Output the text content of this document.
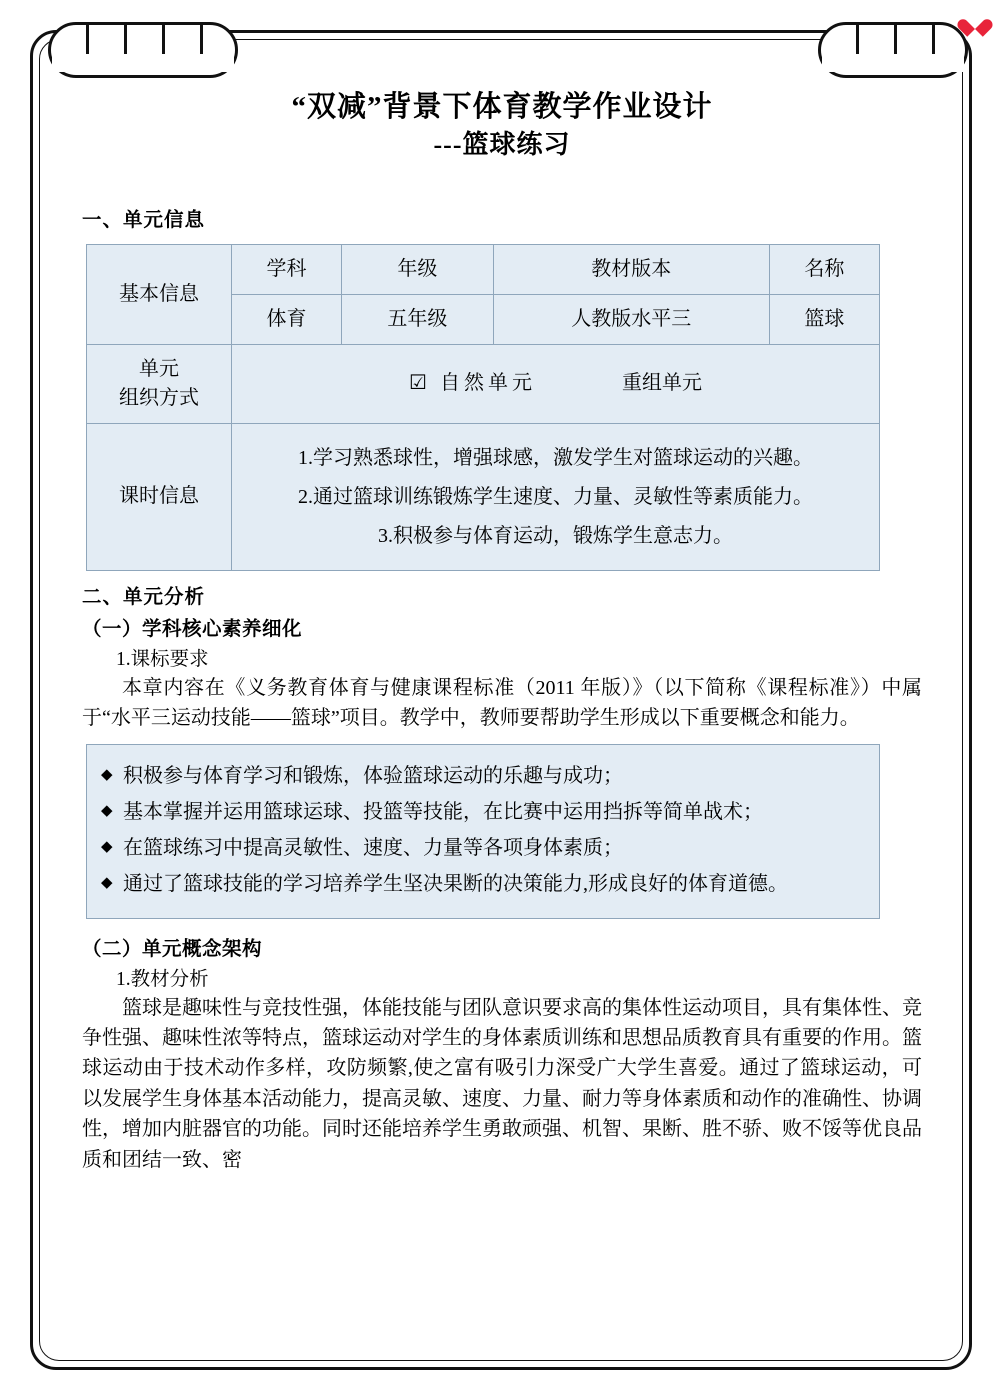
“双减”背景下体育教学作业设计
---篮球练习
一、单元信息
基本信息	学科	年级	教材版本	名称
	体育	五年级	人教版水平三	篮球
单元
组织方式	☑ 自然单元 重组单元			

课时信息	1.学习熟悉球性，增强球感，激发学生对篮球运动的兴趣。

2.通过篮球训练锻炼学生速度、力量、灵敏性等素质能力。

3.积极参与体育运动，锻炼学生意志力。			

二、单元分析
（一）学科核心素养细化
1.课标要求
本章内容在《义务教育体育与健康课程标准（2011 年版）》（以下简称《课程标准》）中属于“水平三运动技能——篮球”项目。教学中，教师要帮助学生形成以下重要概念和能力。
◆ 积极参与体育学习和锻炼，体验篮球运动的乐趣与成功；
◆ 基本掌握并运用篮球运球、投篮等技能，在比赛中运用挡拆等简单战术；
◆ 在篮球练习中提高灵敏性、速度、力量等各项身体素质；
◆ 通过了篮球技能的学习培养学生坚决果断的决策能力,形成良好的体育道德。
（二）单元概念架构
1.教材分析
篮球是趣味性与竞技性强，体能技能与团队意识要求高的集体性运动项目，具有集体性、竞争性强、趣味性浓等特点，篮球运动对学生的身体素质训练和思想品质教育具有重要的作用。篮球运动由于技术动作多样，攻防频繁,使之富有吸引力深受广大学生喜爱。通过了篮球运动，可以发展学生身体基本活动能力，提高灵敏、速度、力量、耐力等身体素质和动作的准确性、协调性，增加内脏器官的功能。同时还能培养学生勇敢顽强、机智、果断、胜不骄、败不馁等优良品质和团结一致、密
